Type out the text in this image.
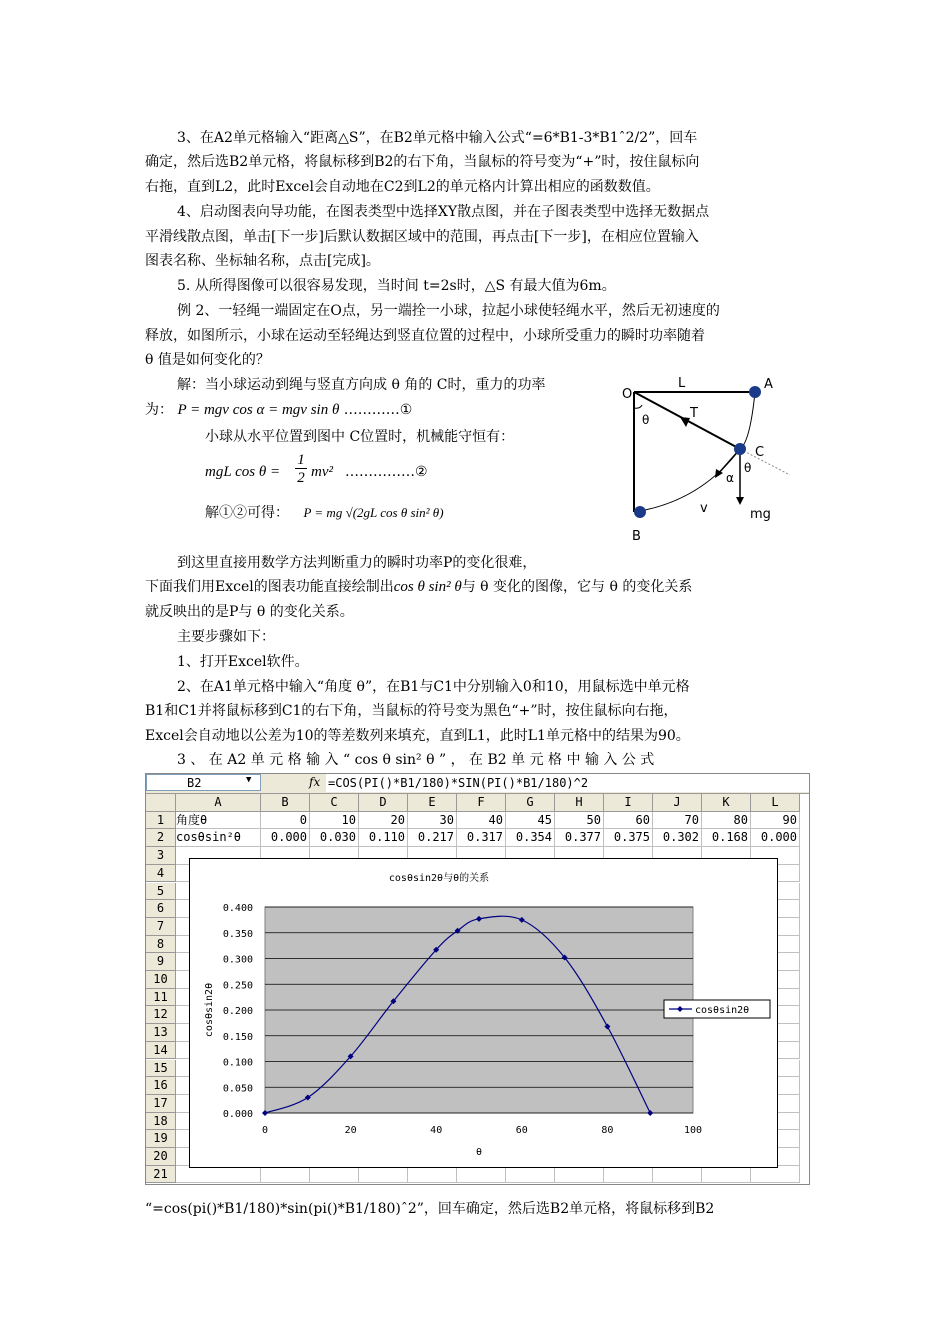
3、在A2单元格输入“距离△S”，在B2单元格中输入公式“=6*B1-3*B1ˆ2/2”，回车
确定，然后选B2单元格，将鼠标移到B2的右下角，当鼠标的符号变为“+”时，按住鼠标向
右拖，直到L2，此时Excel会自动地在C2到L2的单元格内计算出相应的函数数值。
4、启动图表向导功能，在图表类型中选择XY散点图，并在子图表类型中选择无数据点
平滑线散点图，单击[下一步]后默认数据区域中的范围，再点击[下一步]，在相应位置输入
图表名称、坐标轴名称，点击[完成]。
5. 从所得图像可以很容易发现，当时间 t=2s时，△S 有最大值为6m。
例 2、一轻绳一端固定在O点，另一端拴一小球，拉起小球使轻绳水平，然后无初速度的
释放，如图所示，小球在运动至轻绳达到竖直位置的过程中，小球所受重力的瞬时功率随着
θ 值是如何变化的？
解：当小球运动到绳与竖直方向成 θ 角的 C时，重力的功率
为： P = mgv cos α = mgv sin θ …………①
小球从水平位置到图中 C位置时，机械能守恒有：
mgL cos θ =
1
2 mv² ……………②
解①②可得： P = mg √(2gL cos θ sin² θ)
到这里直接用数学方法判断重力的瞬时功率P的变化很难，
下面我们用Excel的图表功能直接绘制出cos θ sin² θ与 θ 变化的图像，它与 θ 的变化关系
就反映出的是P与 θ 的变化关系。
主要步骤如下：
1、打开Excel软件。
2、在A1单元格中输入“角度 θ”，在B1与C1中分别输入0和10，用鼠标选中单元格
B1和C1并将鼠标移到C1的右下角，当鼠标的符号变为黑色“+”时，按住鼠标向右拖，
Excel会自动地以公差为10的等差数列来填充，直到L1，此时L1单元格中的结果为90。
3 、 在 A2 单 元 格 输 入 “ cos θ sin² θ ” ， 在 B2 单 元 格 中 输 入 公 式
“=cos(pi()*B1/180)*sin(pi()*B1/180)ˆ2”，回车确定，然后选B2单元格，将鼠标移到B2
O
L	A
T
C
θ
θ
α
v	mg
B
B2	▼	fx =COS(PI()*B1/180)*SIN(PI()*B1/180)^2
A	B	C	D	E	F	G	H	I	J	K	L
1 角度θ	0	10	20	30	40	45	50	60	70	80	90
2 cosθsin²θ	0.000	0.030	0.110	0.217	0.317	0.354	0.377	0.375	0.302	0.168	0.000
3
4
5
6
7
8
9
10
11
12
13
14
15
16
17
18
19
20
21
0.000
0.050
0.100
0.150
0.200
0.250
0.300
0.350
0.400
0	20	40	60	80	100
cosθsin2θ与θ的关系
θ
cosθsin2θ	cosθsin2θ
